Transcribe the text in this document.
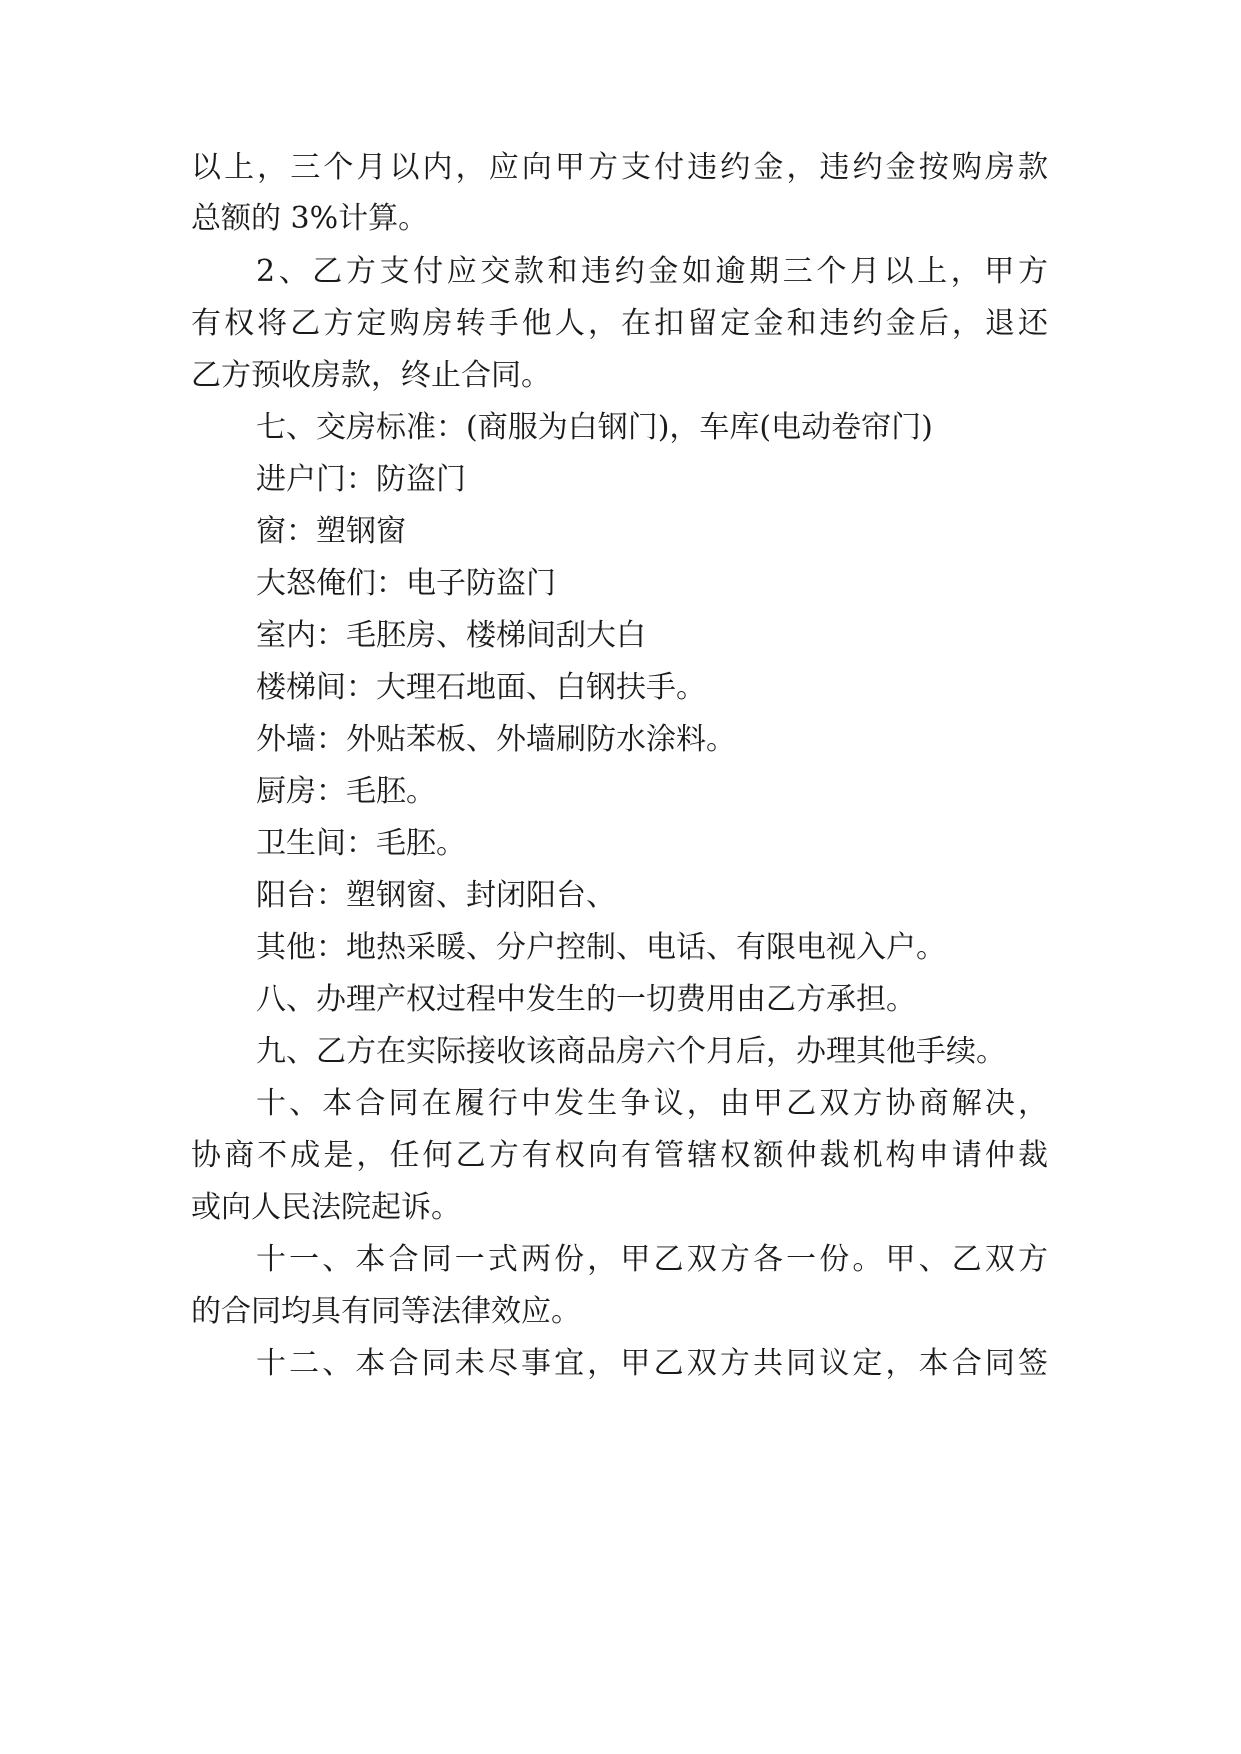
以上，三个月以内，应向甲方支付违约金，违约金按购房款

总额的 3%计算。

2、乙方支付应交款和违约金如逾期三个月以上，甲方

有权将乙方定购房转手他人，在扣留定金和违约金后，退还

乙方预收房款，终止合同。

七、交房标准：(商服为白钢门)，车库(电动卷帘门)

进户门：防盗门

窗：塑钢窗

大怒俺们：电子防盗门

室内：毛胚房、楼梯间刮大白

楼梯间：大理石地面、白钢扶手。

外墙：外贴苯板、外墙刷防水涂料。

厨房：毛胚。

卫生间：毛胚。

阳台：塑钢窗、封闭阳台、

其他：地热采暖、分户控制、电话、有限电视入户。

八、办理产权过程中发生的一切费用由乙方承担。

九、乙方在实际接收该商品房六个月后，办理其他手续。

十、本合同在履行中发生争议，由甲乙双方协商解决，

协商不成是，任何乙方有权向有管辖权额仲裁机构申请仲裁

或向人民法院起诉。

十一、本合同一式两份，甲乙双方各一份。甲、乙双方

的合同均具有同等法律效应。

十二、本合同未尽事宜，甲乙双方共同议定，本合同签
